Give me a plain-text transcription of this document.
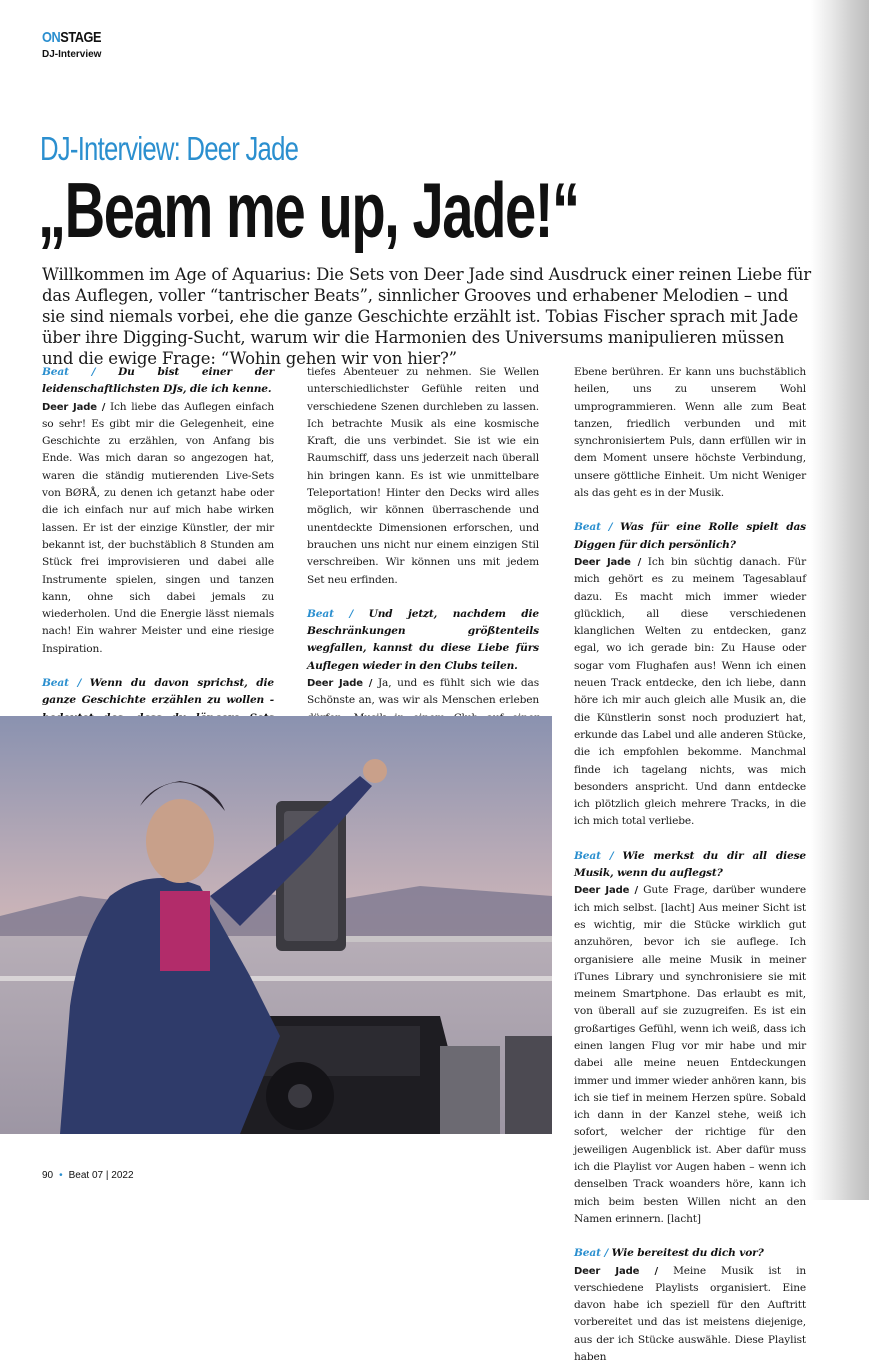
ONSTAGE
DJ-Interview
DJ-Interview: Deer Jade
„Beam me up, Jade!“
Willkommen im Age of Aquarius: Die Sets von Deer Jade sind Ausdruck einer reinen Liebe für das Auflegen, voller “tantrischer Beats”, sinnlicher Grooves und erhabener Melodien – und sie sind niemals vorbei, ehe die ganze Geschichte erzählt ist. Tobias Fischer sprach mit Jade über ihre Digging-Sucht, warum wir die Harmonien des Universums manipulieren müssen und die ewige Frage: “Wohin gehen wir von hier?”

Beat / Du bist einer der leidenschaftlichsten DJs, die ich kenne.

Deer Jade / Ich liebe das Auflegen einfach so sehr! Es gibt mir die Gelegenheit, eine Geschichte zu erzählen, von Anfang bis Ende. Was mich daran so angezogen hat, waren die ständig mutierenden Live-Sets von BØRÅ, zu denen ich getanzt habe oder die ich einfach nur auf mich habe wirken lassen. Er ist der einzige Künstler, der mir bekannt ist, der buchstäblich 8 Stunden am Stück frei improvisieren und dabei alle Instrumente spielen, singen und tanzen kann, ohne sich dabei jemals zu wiederholen. Und die Energie lässt niemals nach! Ein wahrer Meister und eine riesige Inspiration.

Beat / Wenn du davon sprichst, die ganze Geschichte erzählen zu wollen -

tiefes Abenteuer zu nehmen. Sie Wellen unterschiedlichster Gefühle reiten und verschiedene Szenen durchleben zu lassen. Ich betrachte Musik als eine kosmische Kraft, die uns verbindet. Sie ist wie ein Raumschiff, dass uns jederzeit nach überall hin bringen kann. Es ist wie unmittelbare Teleportation! Hinter den Decks wird alles möglich, wir können überraschende und unentdeckte Dimensionen erforschen, und brauchen uns nicht nur einem einzigen Stil verschreiben. Wir können uns mit jedem Set neu erfinden.

Beat / Und jetzt, nachdem die Beschränkungen größtenteils wegfallen, kannst du diese Liebe fürs Auflegen wieder in den Clubs teilen.

Deer Jade / Ja, und es fühlt sich wie das Schönste an, was wir als Menschen erleben

Ebene berühren. Er kann uns buchstäblich heilen, uns zu unserem Wohl umprogrammieren. Wenn alle zum Beat tanzen, friedlich verbunden und mit synchronisiertem Puls, dann erfüllen wir in dem Moment unsere höchste Verbindung, unsere göttliche Einheit. Um nicht Weniger als das geht es in der Musik.

Beat / Was für eine Rolle spielt das Diggen für dich persönlich?

Deer Jade / Ich bin süchtig danach. Für mich gehört es zu meinem Tagesablauf dazu. Es macht mich immer wieder glücklich, all diese verschiedenen klanglichen Welten zu entdecken, ganz egal, wo ich gerade bin: Zu Hause oder sogar vom Flughafen aus! Wenn ich einen neuen Track entdecke, den ich liebe, dann höre ich mir auch gleich alle Musik an, die die Künstlerin sonst noch produziert hat, erkunde das Label und alle anderen Stücke, die ich empfohlen bekomme. Manchmal finde ich tagelang nichts, was mich besonders anspricht. Und dann entdecke ich plötzlich gleich mehrere Tracks, in die ich mich total verliebe.

Beat / Wie merkst du dir all diese Musik, wenn du auflegst?

Deer Jade / Gute Frage, darüber wundere ich mich selbst. [lacht] Aus meiner Sicht ist es wichtig, mir die Stücke wirklich gut anzuhören, bevor ich sie auflege. Ich organisiere alle meine Musik in meiner iTunes Library und synchronisiere sie mit meinem Smartphone. Das erlaubt es mit, von überall auf sie zuzugreifen. Es ist ein großartiges Gefühl, wenn ich weiß, dass ich einen langen Flug vor mir habe und mir dabei alle meine neuen Entdeckungen immer und immer wieder anhören kann, bis ich sie tief in meinem Herzen spüre. Sobald ich dann in der Kanzel stehe, weiß ich sofort, welcher der richtige für den jeweiligen Augenblick ist. Aber dafür muss ich die Playlist vor Augen haben – wenn ich denselben Track woanders höre, kann ich mich beim besten Willen nicht an den Namen erinnern. [lacht]

Beat / Wie bereitest du dich vor?

Deer Jade / Meine Musik ist in verschiedene Playlists organisiert. Eine davon habe ich speziell für den Auftritt vorbereitet und das ist meistens diejenige, aus der ich Stücke auswähle. Diese Playlist haben

90 • Beat 07 | 2022
